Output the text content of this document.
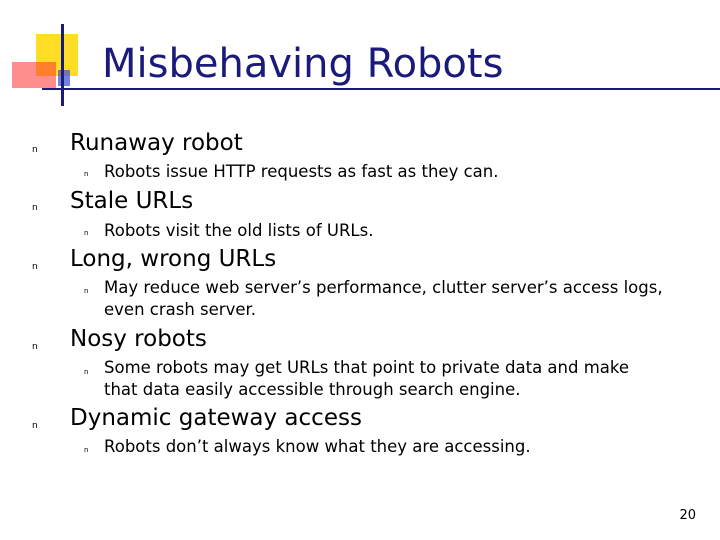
Misbehaving Robots
n Runaway robot
n Robots issue HTTP requests as fast as they can.
n Stale URLs
n Robots visit the old lists of URLs.
n Long, wrong URLs
n May reduce web server’s performance, clutter server’s access logs, even crash server.
n Nosy robots
n Some robots may get URLs that point to private data and make that data easily accessible through search engine.
n Dynamic gateway access
n Robots don’t always know what they are accessing.
20
